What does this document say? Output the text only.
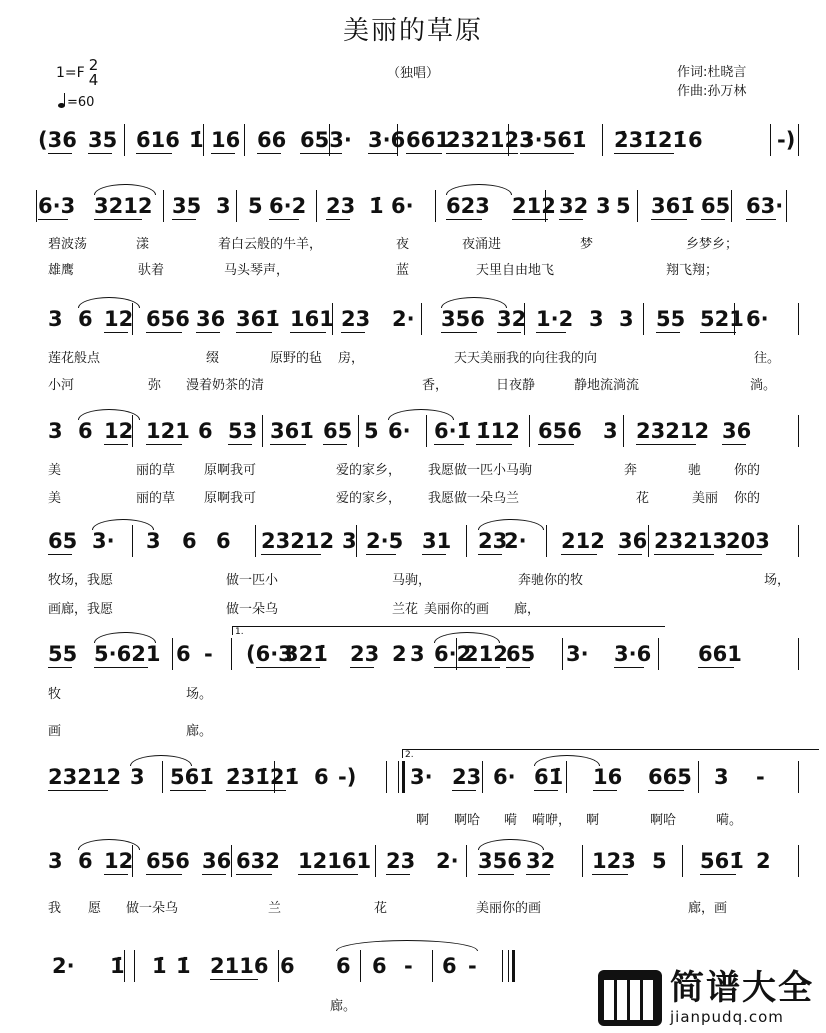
美丽的草原
（独唱）
1=F 2
4
=60
作词:杜晓言
作曲:孙万林
(36 35 6̇16 1̇ 16 66 653· 3·6 661
232123
3·561̇ 2̇31̇21̇ 6	-)
6·3 3212 35 3 5 6·2 23 1̇ 6· 623 212 32 3 5 361̇ 65 63·
碧波荡	漾	着白云般的牛羊，	夜	夜涌进	梦	乡梦乡；
雄鹰	驮着	马头琴声，	蓝	天里自由地飞	翔飞翔；
3 6 12 656 36 361̇ 161 23 2· 356 32 1·2 3 3 55 521 6·
莲花般点	缀	原野的毡 房，	天天美丽我的向往我的向	往。
小河	弥 漫着奶茶的清	香，	日夜静	静地流淌流	淌。
3 6 12 121 6 53 361̇ 65 5 6· 6·1̇ 1̇12 656 3 23212 36
美	丽的草 原啊我可	爱的家乡， 我愿做一匹小马驹	奔	驰	你的
美	丽的草 原啊我可	爱的家乡， 我愿做一朵乌兰	花	美丽 你的
65 3· 3 6 6 23212 3 2·5 31 23
2· 212 36 23213
203
牧场，我愿	做一匹小	马驹，	奔驰你的牧	场，
画廊，我愿	做一朵乌	兰花 美丽你的画 廊，
55 5·621 6 - (6·3
321̇ 23 2 3 6·2
212
65 3· 3·6 661
1.
牧	场。
画	廊。
23212 3 561̇ 2̇31̇21̇ 6 -)	3· 23 6· 61̇ 16 665 3 -
2.
啊 啊哈 嗬 嗬咿， 啊	啊哈	嗬。
3 6 12 656 36 632 12161 23 2· 356 32 123 5 561̇ 2
我 愿 做一朵乌	兰	花	美丽你的画	廊，画
2· 1̇ 1̇ 1̇ 2116 6 6 6 - 6 -
廊。	简谱大全
jianpudq.com
